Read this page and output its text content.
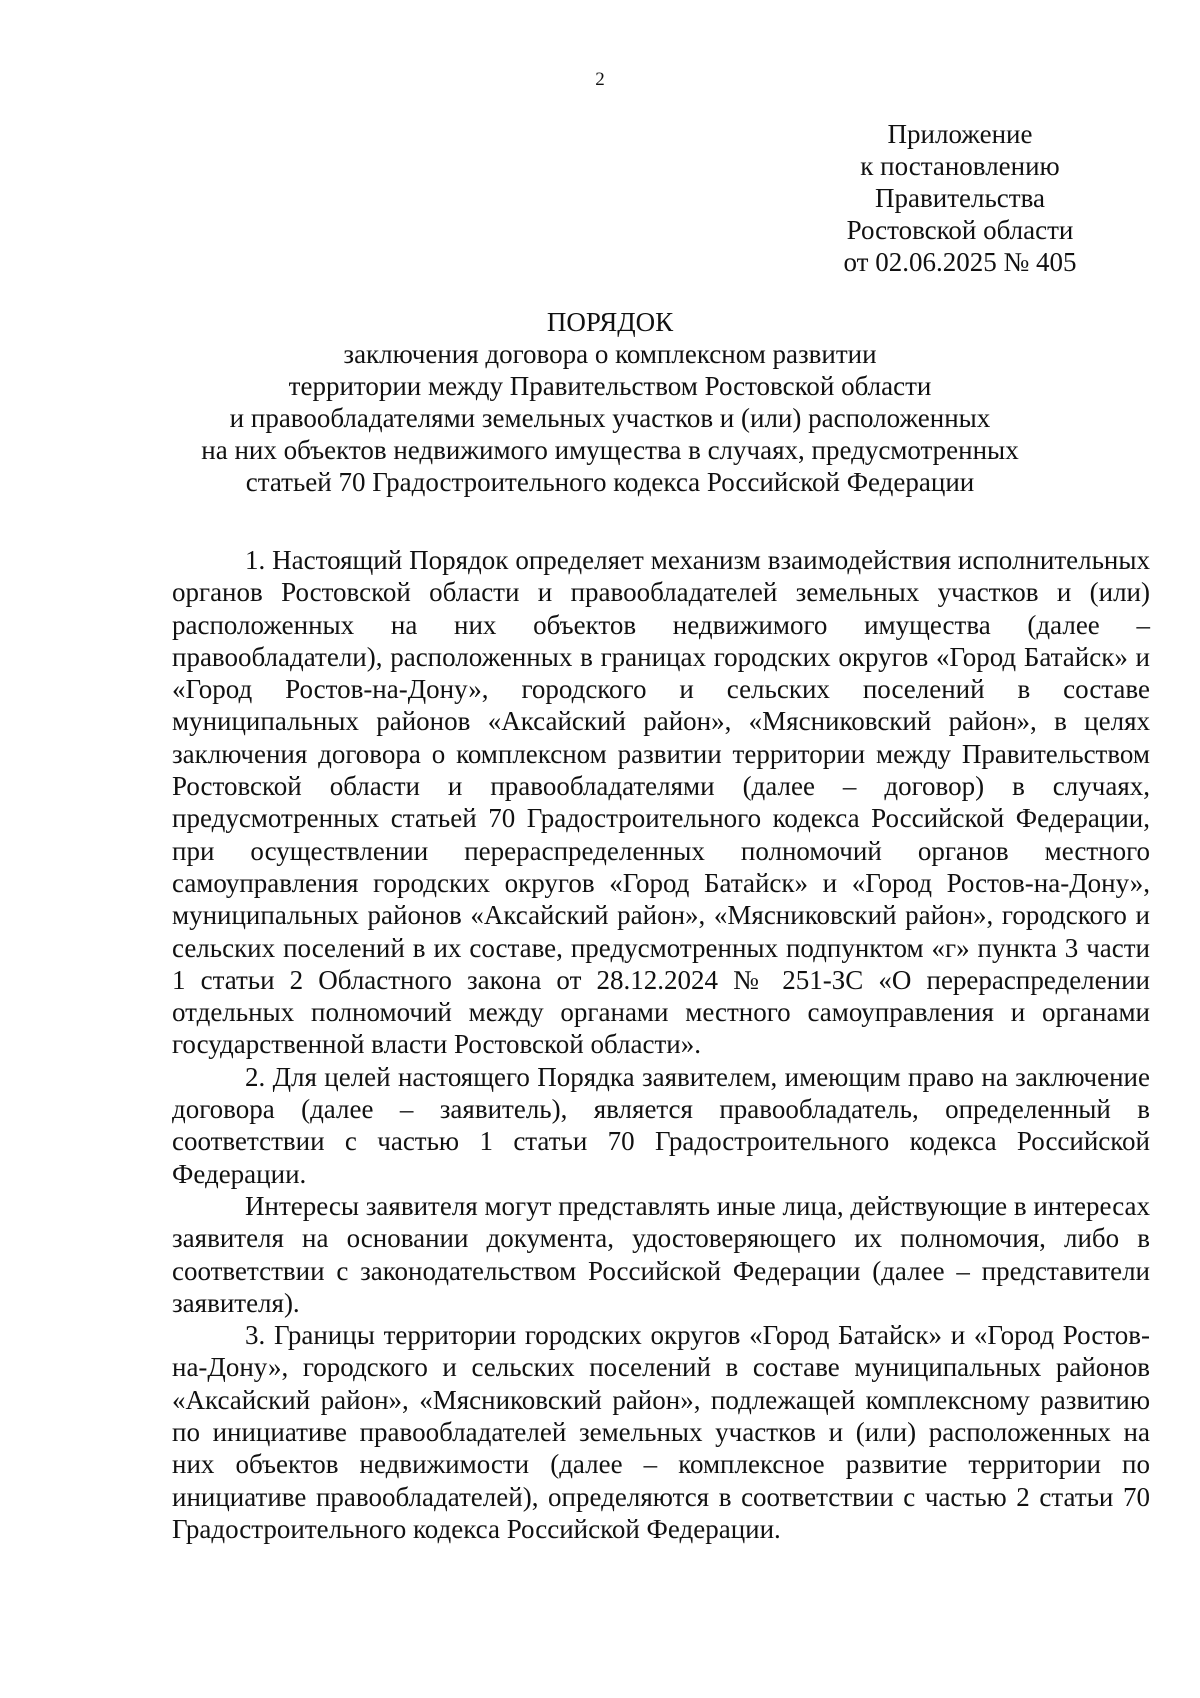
2
Приложение
к постановлению
Правительства
Ростовской области
от 02.06.2025 № 405
ПОРЯДОК
заключения договора о комплексном развитии
территории между Правительством Ростовской области
и правообладателями земельных участков и (или) расположенных
на них объектов недвижимого имущества в случаях, предусмотренных
статьей 70 Градостроительного кодекса Российской Федерации

1. Настоящий Порядок определяет механизм взаимодействия исполнительных органов Ростовской области и правообладателей земельных участков и (или) расположенных на них объектов недвижимого имущества (далее – правообладатели), расположенных в границах городских округов «Город Батайск» и «Город Ростов-на-Дону», городского и сельских поселений в составе муниципальных районов «Аксайский район», «Мясниковский район», в целях заключения договора о комплексном развитии территории между Правительством Ростовской области и правообладателями (далее – договор) в случаях, предусмотренных статьей 70 Градостроительного кодекса Российской Федерации, при осуществлении перераспределенных полномочий органов местного самоуправления городских округов «Город Батайск» и «Город Ростов-на-Дону», муниципальных районов «Аксайский район», «Мясниковский район», городского и сельских поселений в их составе, предусмотренных подпунктом «г» пункта 3 части 1 статьи 2 Областного закона от 28.12.2024 № 251-ЗС «О перераспределении отдельных полномочий между органами местного самоуправления и органами государственной власти Ростовской области».

2. Для целей настоящего Порядка заявителем, имеющим право на заключение договора (далее – заявитель), является правообладатель, определенный в соответствии с частью 1 статьи 70 Градостроительного кодекса Российской Федерации.

Интересы заявителя могут представлять иные лица, действующие в интересах заявителя на основании документа, удостоверяющего их полномочия, либо в соответствии с законодательством Российской Федерации (далее – представители заявителя).

3. Границы территории городских округов «Город Батайск» и «Город Ростов-на-Дону», городского и сельских поселений в составе муниципальных районов «Аксайский район», «Мясниковский район», подлежащей комплексному развитию по инициативе правообладателей земельных участков и (или) расположенных на них объектов недвижимости (далее – комплексное развитие территории по инициативе правообладателей), определяются в соответствии с частью 2 статьи 70 Градостроительного кодекса Российской Федерации.
